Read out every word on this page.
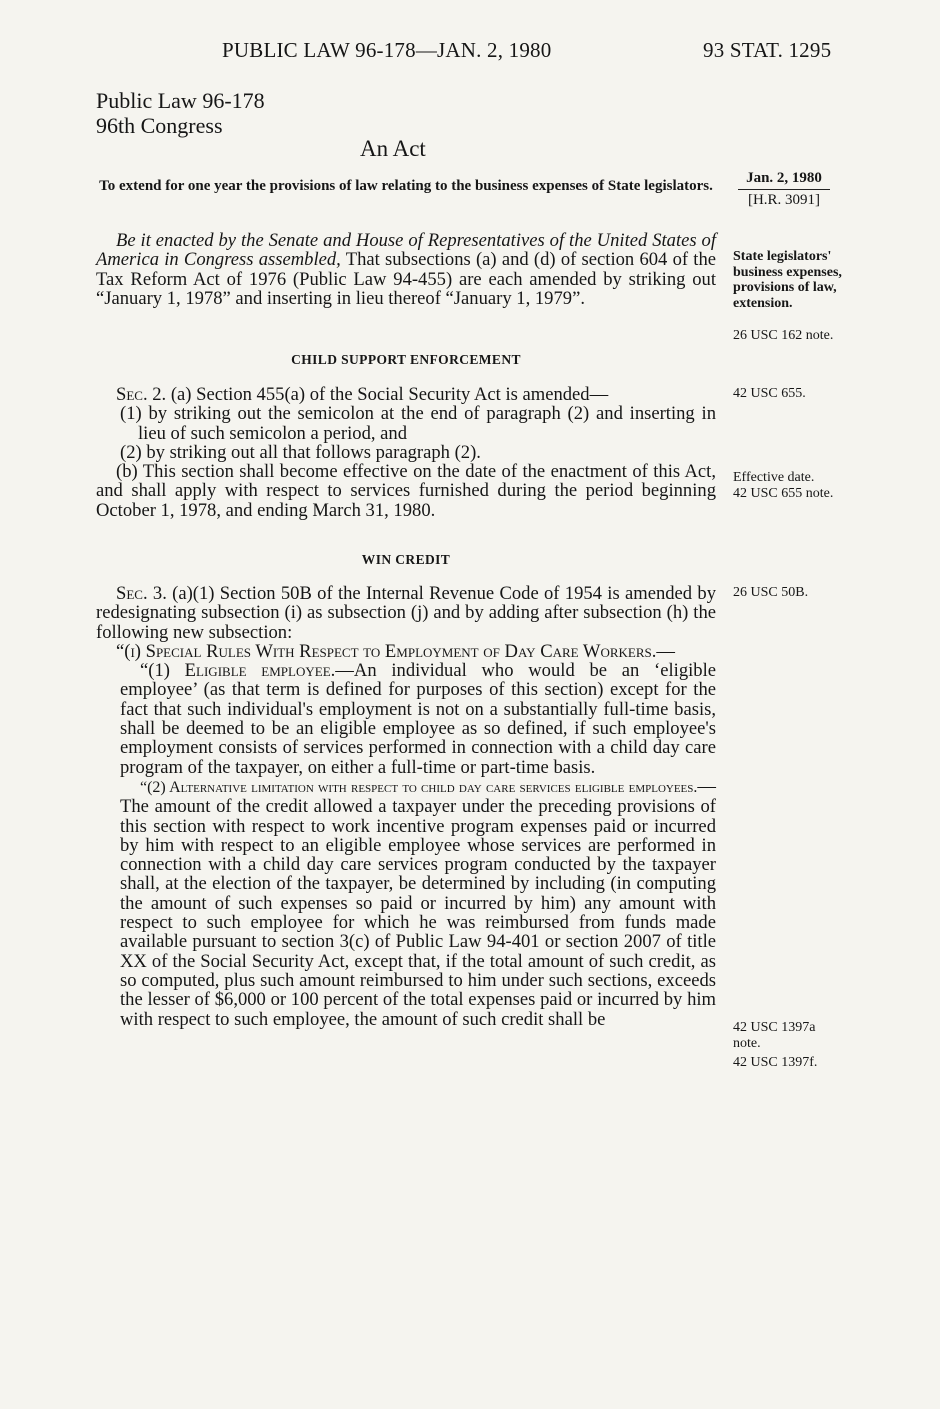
PUBLIC LAW 96-178—JAN. 2, 1980	93 STAT. 1295
Public Law 96-178
96th Congress
An Act
To extend for one year the provisions of law relating to the business expenses of State legislators.	Jan. 2, 1980
[H.R. 3091]

Be it enacted by the Senate and House of Representatives of the United States of America in Congress assembled, That subsections (a) and (d) of section 604 of the Tax Reform Act of 1976 (Public Law 94-455) are each amended by striking out “January 1, 1978” and inserting in lieu thereof “January 1, 1979”.

State legislators' business expenses, provisions of law, extension.
26 USC 162 note.
CHILD SUPPORT ENFORCEMENT

Sec. 2. (a) Section 455(a) of the Social Security Act is amended—

(1) by striking out the semicolon at the end of paragraph (2) and inserting in lieu of such semicolon a period, and

(2) by striking out all that follows paragraph (2).

(b) This section shall become effective on the date of the enactment of this Act, and shall apply with respect to services furnished during the period beginning October 1, 1978, and ending March 31, 1980.

42 USC 655.
Effective date.
42 USC 655 note.
WIN CREDIT

Sec. 3. (a)(1) Section 50B of the Internal Revenue Code of 1954 is amended by redesignating subsection (i) as subsection (j) and by adding after subsection (h) the following new subsection:

“(i) Special Rules With Respect to Employment of Day Care Workers.—

“(1) Eligible employee.—An individual who would be an ‘eligible employee’ (as that term is defined for purposes of this section) except for the fact that such individual's employment is not on a substantially full-time basis, shall be deemed to be an eligible employee as so defined, if such employee's employment consists of services performed in connection with a child day care program of the taxpayer, on either a full-time or part-time basis.

“(2) Alternative limitation with respect to child day care services eligible employees.—The amount of the credit allowed a taxpayer under the preceding provisions of this section with respect to work incentive program expenses paid or incurred by him with respect to an eligible employee whose services are performed in connection with a child day care services program conducted by the taxpayer shall, at the election of the taxpayer, be determined by including (in computing the amount of such expenses so paid or incurred by him) any amount with respect to such employee for which he was reimbursed from funds made available pursuant to section 3(c) of Public Law 94-401 or section 2007 of title XX of the Social Security Act, except that, if the total amount of such credit, as so computed, plus such amount reimbursed to him under such sections, exceeds the lesser of $6,000 or 100 percent of the total expenses paid or incurred by him with respect to such employee, the amount of such credit shall be

26 USC 50B.
42 USC 1397a note.
42 USC 1397f.
